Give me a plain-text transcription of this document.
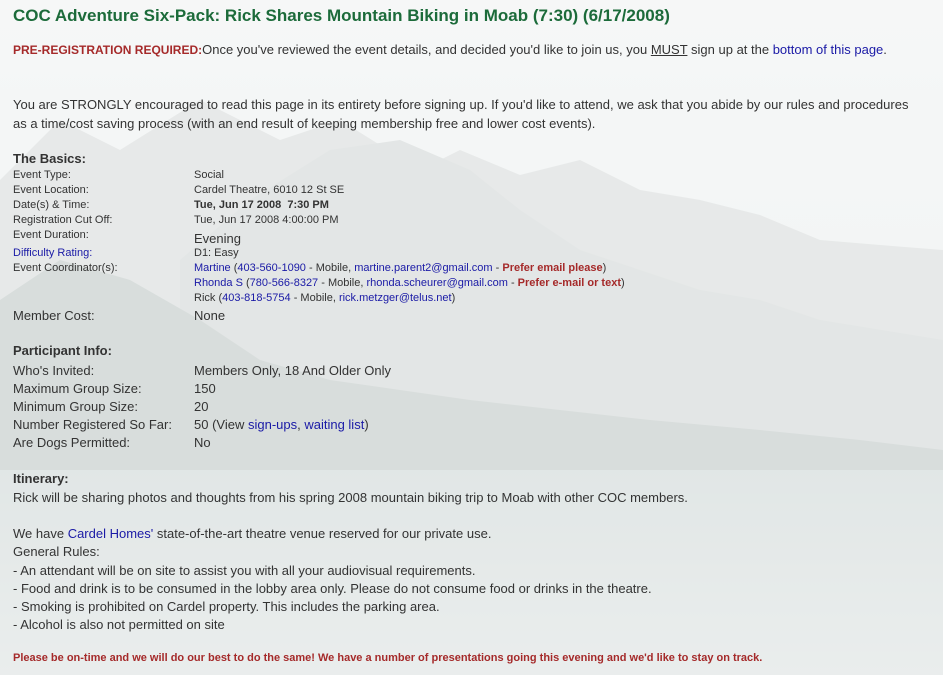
COC Adventure Six-Pack: Rick Shares Mountain Biking in Moab (7:30) (6/17/2008)
PRE-REGISTRATION REQUIRED:Once you've reviewed the event details, and decided you'd like to join us, you MUST sign up at the bottom of this page.
You are STRONGLY encouraged to read this page in its entirety before signing up. If you'd like to attend, we ask that you abide by our rules and procedures as a time/cost saving process (with an end result of keeping membership free and lower cost events).
The Basics:
Event Type:	Social
Event Location:	Cardel Theatre, 6010 12 St SE
Date(s) & Time:	Tue, Jun 17 2008  7:30 PM
Registration Cut Off:	Tue, Jun 17 2008 4:00:00 PM
Event Duration:	Evening
Difficulty Rating:	D1: Easy
Event Coordinator(s):	Martine (403-560-1090 - Mobile, martine.parent2@gmail.com - Prefer email please)
Rhonda S (780-566-8327 - Mobile, rhonda.scheurer@gmail.com - Prefer e-mail or text)
Rick (403-818-5754 - Mobile, rick.metzger@telus.net)
Member Cost:	None
Participant Info:
Who's Invited:	Members Only, 18 And Older Only
Maximum Group Size:	150
Minimum Group Size:	20
Number Registered So Far: 50 (View sign-ups, waiting list)
Are Dogs Permitted:	No
Itinerary:
Rick will be sharing photos and thoughts from his spring 2008 mountain biking trip to Moab with other COC members.
We have Cardel Homes' state-of-the-art theatre venue reserved for our private use.
General Rules:
- An attendant will be on site to assist you with all your audiovisual requirements.
- Food and drink is to be consumed in the lobby area only. Please do not consume food or drinks in the theatre.
- Smoking is prohibited on Cardel property. This includes the parking area.
- Alcohol is also not permitted on site
Please be on-time and we will do our best to do the same! We have a number of presentations going this evening and we'd like to stay on track.
